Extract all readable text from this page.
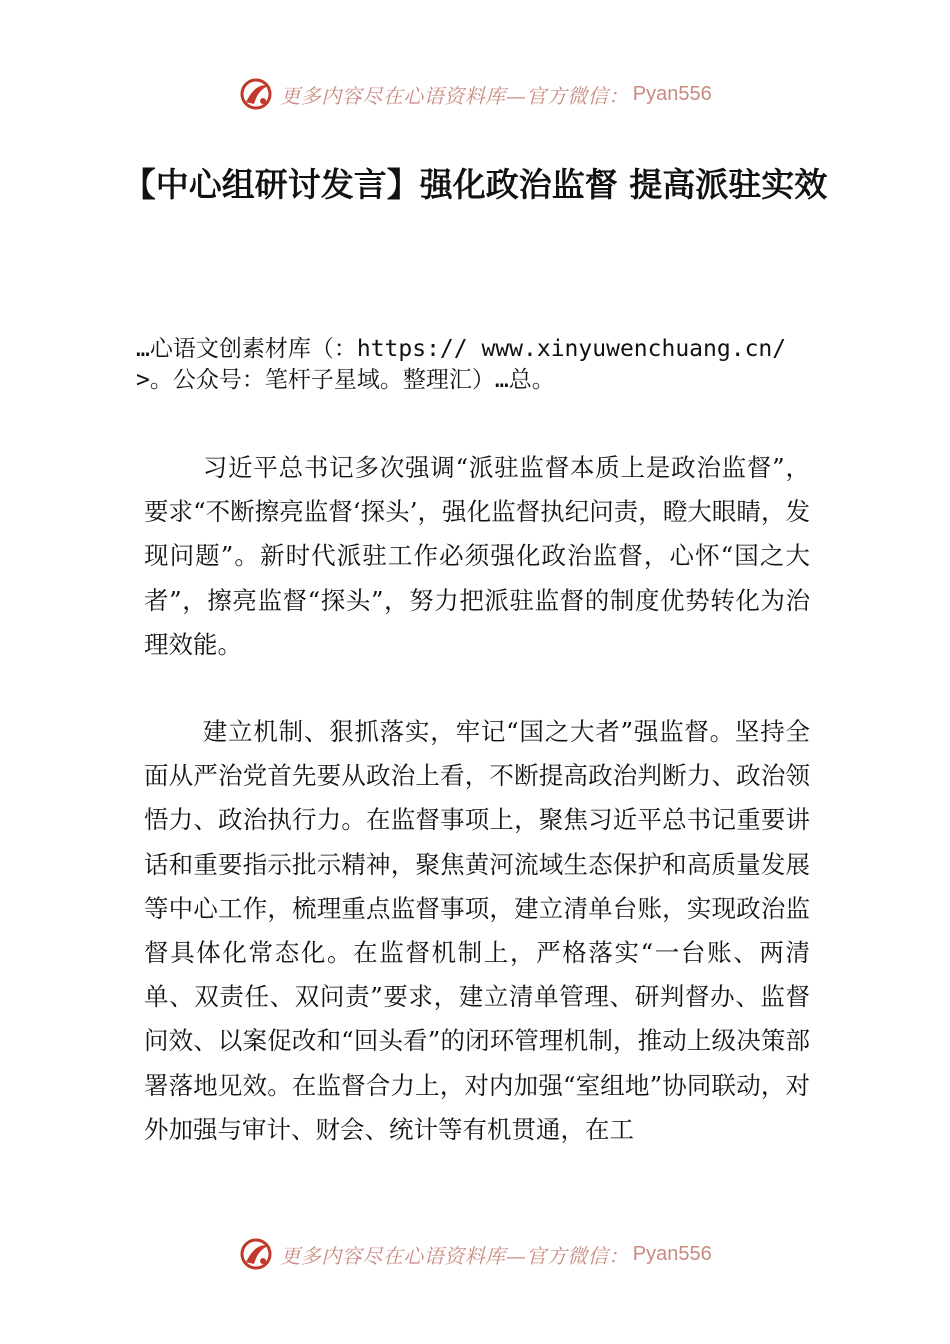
更多内容尽在心语资料库—官方微信： Pyan556
【中心组研讨发言】强化政治监督 提高派驻实效
…心语文创素材库（：https:// www.xinyuwenchuang.cn/>。公众号：笔杆子星域。整理汇）…总。

习近平总书记多次强调“派驻监督本质上是政治监督”，要求“不断擦亮监督‘探头’，强化监督执纪问责，瞪大眼睛，发现问题”。新时代派驻工作必须强化政治监督，心怀“国之大者”，擦亮监督“探头”，努力把派驻监督的制度优势转化为治理效能。

建立机制、狠抓落实，牢记“国之大者”强监督。坚持全面从严治党首先要从政治上看，不断提高政治判断力、政治领悟力、政治执行力。在监督事项上，聚焦习近平总书记重要讲话和重要指示批示精神，聚焦黄河流域生态保护和高质量发展等中心工作，梳理重点监督事项，建立清单台账，实现政治监督具体化常态化。在监督机制上，严格落实“一台账、两清单、双责任、双问责”要求，建立清单管理、研判督办、监督问效、以案促改和“回头看”的闭环管理机制，推动上级决策部署落地见效。在监督合力上，对内加强“室组地”协同联动，对外加强与审计、财会、统计等有机贯通，在工

更多内容尽在心语资料库—官方微信： Pyan556
